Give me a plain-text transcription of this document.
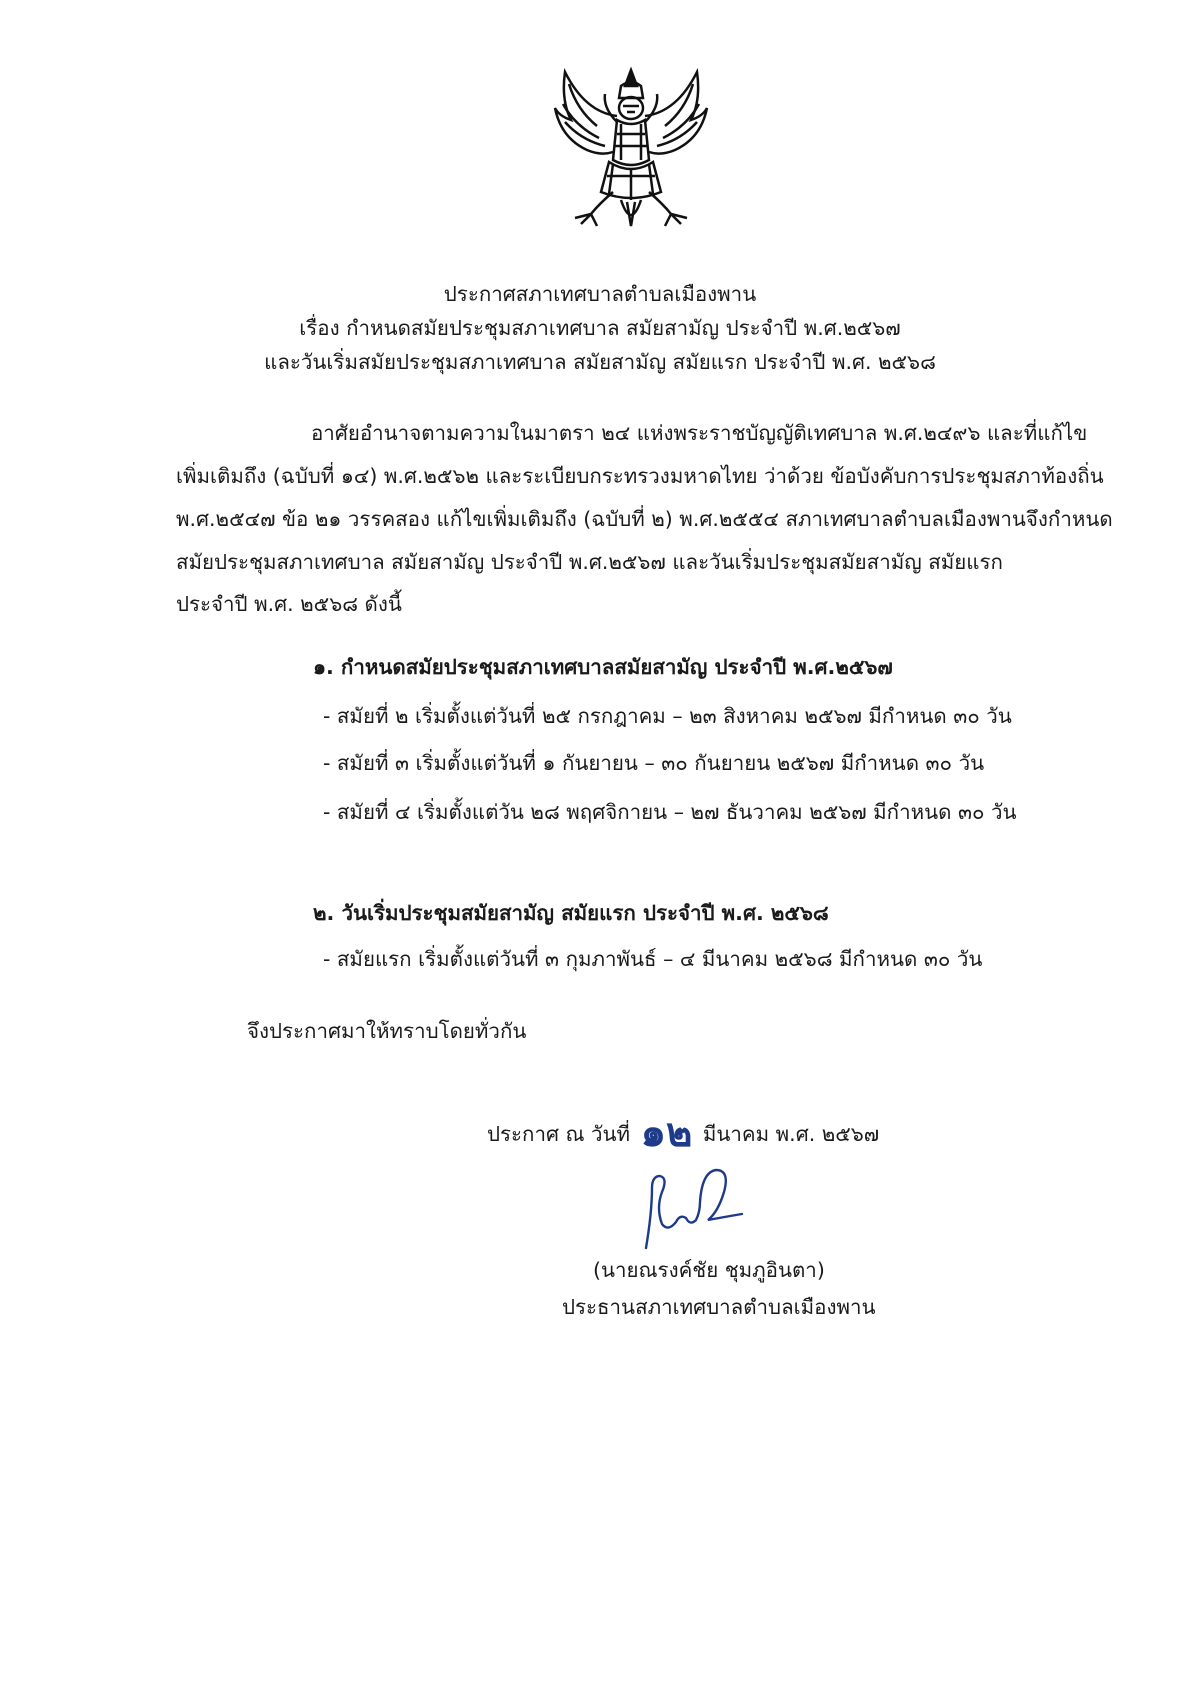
ประกาศสภาเทศบาลตำบลเมืองพาน
เรื่อง กำหนดสมัยประชุมสภาเทศบาล สมัยสามัญ ประจำปี พ.ศ.๒๕๖๗
และวันเริ่มสมัยประชุมสภาเทศบาล สมัยสามัญ สมัยแรก ประจำปี พ.ศ. ๒๕๖๘
อาศัยอำนาจตามความในมาตรา ๒๔ แห่งพระราชบัญญัติเทศบาล พ.ศ.๒๔๙๖ และที่แก้ไข
เพิ่มเติมถึง (ฉบับที่ ๑๔) พ.ศ.๒๕๖๒ และระเบียบกระทรวงมหาดไทย ว่าด้วย ข้อบังคับการประชุมสภาท้องถิ่น
พ.ศ.๒๕๔๗ ข้อ ๒๑ วรรคสอง แก้ไขเพิ่มเติมถึง (ฉบับที่ ๒) พ.ศ.๒๕๕๔ สภาเทศบาลตำบลเมืองพานจึงกำหนด
สมัยประชุมสภาเทศบาล สมัยสามัญ ประจำปี พ.ศ.๒๕๖๗ และวันเริ่มประชุมสมัยสามัญ สมัยแรก
ประจำปี พ.ศ. ๒๕๖๘ ดังนี้
๑. กำหนดสมัยประชุมสภาเทศบาลสมัยสามัญ ประจำปี พ.ศ.๒๕๖๗
- สมัยที่ ๒ เริ่มตั้งแต่วันที่ ๒๕ กรกฎาคม – ๒๓ สิงหาคม ๒๕๖๗ มีกำหนด ๓๐ วัน
- สมัยที่ ๓ เริ่มตั้งแต่วันที่ ๑ กันยายน – ๓๐ กันยายน ๒๕๖๗ มีกำหนด ๓๐ วัน
- สมัยที่ ๔ เริ่มตั้งแต่วัน ๒๘ พฤศจิกายน – ๒๗ ธันวาคม ๒๕๖๗ มีกำหนด ๓๐ วัน
๒. วันเริ่มประชุมสมัยสามัญ สมัยแรก ประจำปี พ.ศ. ๒๕๖๘
- สมัยแรก เริ่มตั้งแต่วันที่ ๓ กุมภาพันธ์ – ๔ มีนาคม ๒๕๖๘ มีกำหนด ๓๐ วัน
จึงประกาศมาให้ทราบโดยทั่วกัน
ประกาศ ณ วันที่ ๑๒ มีนาคม พ.ศ. ๒๕๖๗
(นายณรงค์ชัย ชุมภูอินตา)
ประธานสภาเทศบาลตำบลเมืองพาน
